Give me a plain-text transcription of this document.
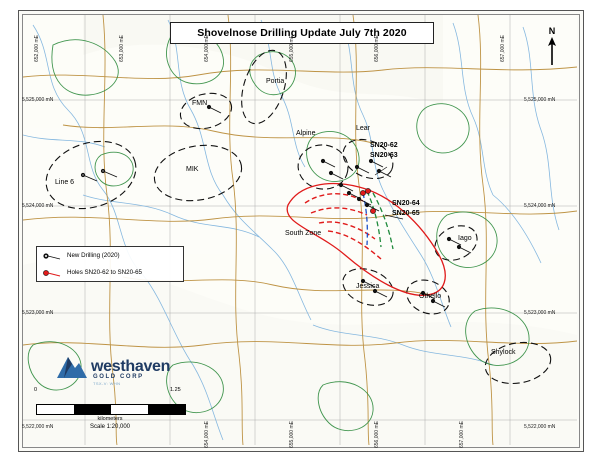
Shovelnose Drilling Update July 7th 2020	N
New Drilling (2020)
Holes SN20-62 to SN20-65
westhaven
GOLD CORP
TSX-V: WHN
0	1.25
kilometers
Scale 1:20,000
Portia
FMN
Alpine
Lear
MIK
Line 6
South Zone
Iago
Jessica
Othello
Shylock
SN20-62
SN20-63
SN20-64
SN20-65
5,525,000 mN
5,524,000 mN
5,523,000 mN
5,522,000 mN
5,525,000 mN
5,524,000 mN
5,523,000 mN
5,522,000 mN
652,000 mE	653,000 mE	654,000 mE	655,000 mE	656,000 mE	657,000 mE
654,000 mE	655,000 mE	656,000 mE	657,000 mE
